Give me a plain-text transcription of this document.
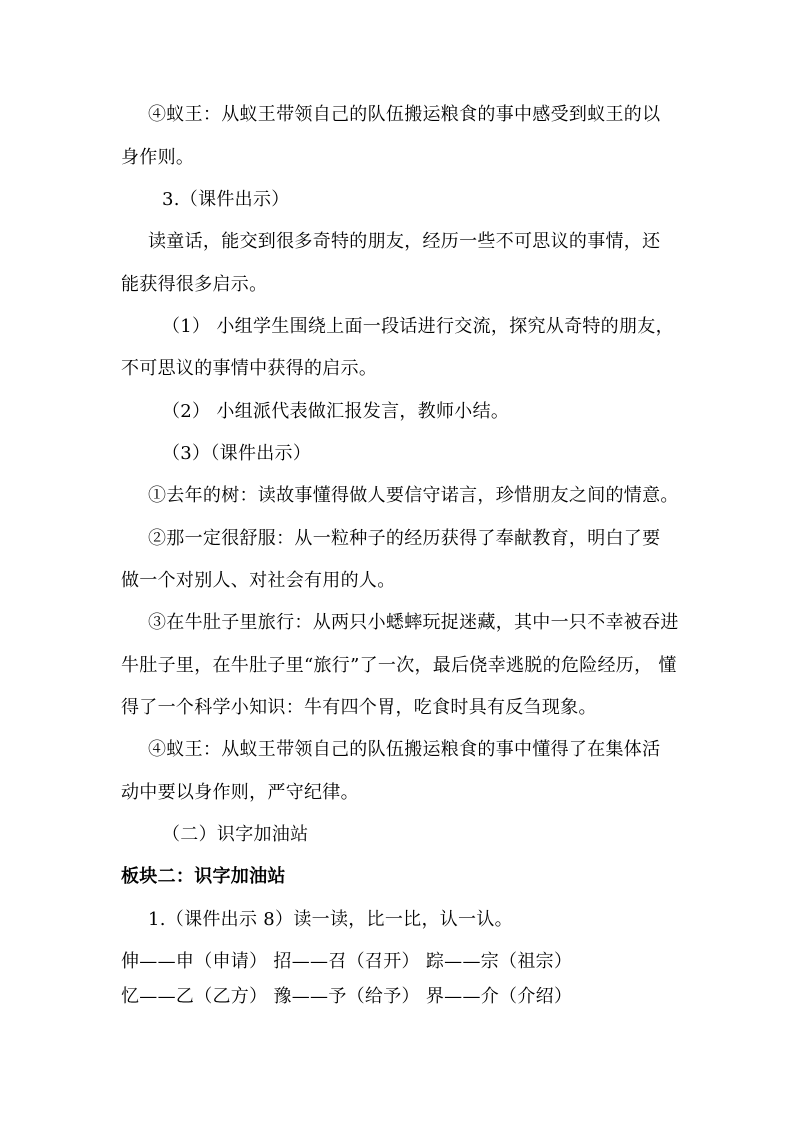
④蚁王：从蚁王带领自己的队伍搬运粮食的事中感受到蚁王的以
身作则。
3.（课件出示）
读童话，能交到很多奇特的朋友，经历一些不可思议的事情，还
能获得很多启示。
（1） 小组学生围绕上面一段话进行交流，探究从奇特的朋友，
不可思议的事情中获得的启示。
（2） 小组派代表做汇报发言，教师小结。
（3）（课件出示）
①去年的树：读故事懂得做人要信守诺言，珍惜朋友之间的情意。
②那一定很舒服：从一粒种子的经历获得了奉献教育，明白了要
做一个对别人、对社会有用的人。
③在牛肚子里旅行：从两只小蟋蟀玩捉迷藏，其中一只不幸被吞进
牛肚子里，在牛肚子里“旅行”了一次，最后侥幸逃脱的危险经历， 懂
得了一个科学小知识：牛有四个胃，吃食时具有反刍现象。
④蚁王：从蚁王带领自己的队伍搬运粮食的事中懂得了在集体活
动中要以身作则，严守纪律。
（二）识字加油站
板块二：识字加油站
1.（课件出示 8）读一读，比一比，认一认。
伸——申（申请） 招——召（召开） 踪——宗（祖宗）
忆——乙（乙方） 豫——予（给予） 界——介（介绍）
